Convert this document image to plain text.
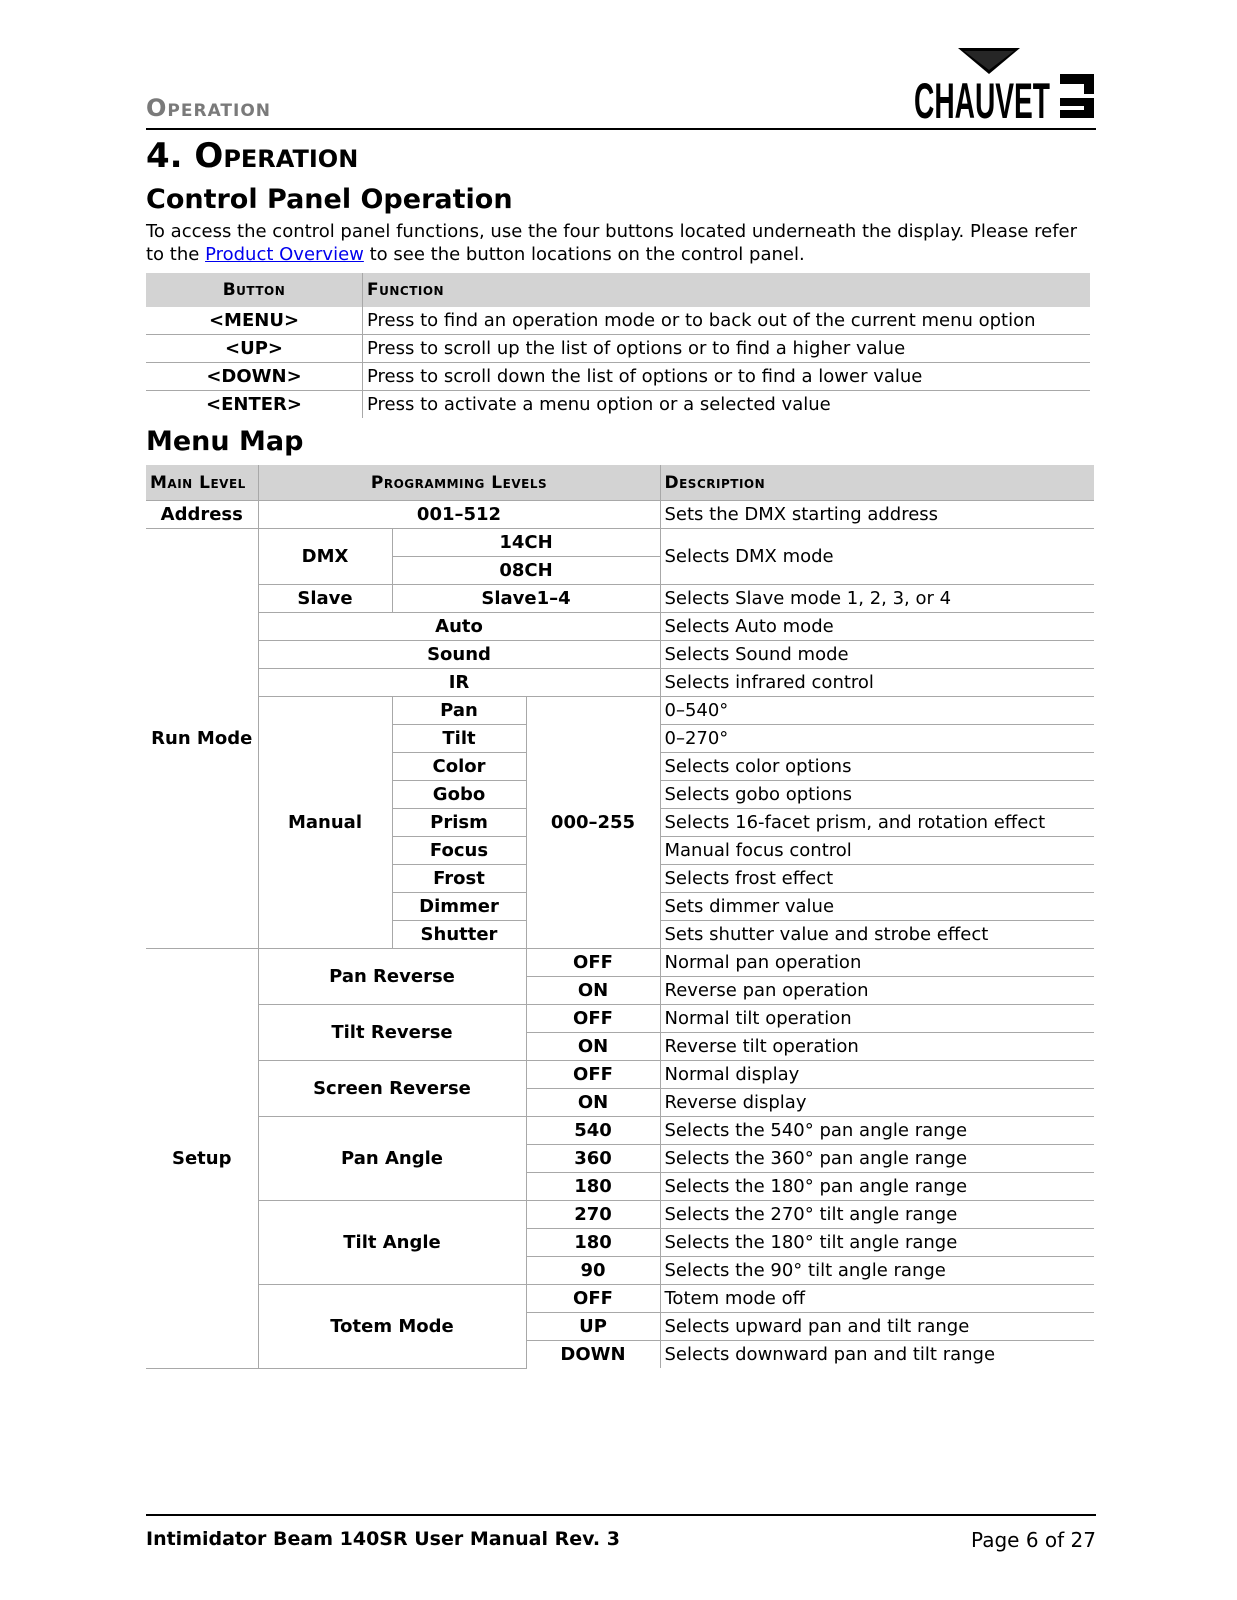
Operation	CHAUVET
4. Operation
Control Panel Operation
To access the control panel functions, use the four buttons located underneath the display. Please refer to the Product Overview to see the button locations on the control panel.
Button	Function
<MENU>	Press to find an operation mode or to back out of the current menu option
<UP>	Press to scroll up the list of options or to find a higher value
<DOWN>	Press to scroll down the list of options or to find a lower value
<ENTER>	Press to activate a menu option or a selected value
Menu Map
Main Level	Programming Levels			Description
Address	001–512			Sets the DMX starting address
Run Mode	DMX	14CH		Selects DMX mode
		08CH		
	Slave	Slave1–4		Selects Slave mode 1, 2, 3, or 4
	Auto			Selects Auto mode
	Sound			Selects Sound mode
	IR			Selects infrared control
	Manual	Pan	000–255	0–540°
		Tilt		0–270°
		Color		Selects color options
		Gobo		Selects gobo options
		Prism		Selects 16-facet prism, and rotation effect
		Focus		Manual focus control
		Frost		Selects frost effect
		Dimmer		Sets dimmer value
		Shutter		Sets shutter value and strobe effect
Setup	Pan Reverse		OFF	Normal pan operation
			ON	Reverse pan operation
	Tilt Reverse		OFF	Normal tilt operation
			ON	Reverse tilt operation
	Screen Reverse		OFF	Normal display
			ON	Reverse display
	Pan Angle		540	Selects the 540° pan angle range
			360	Selects the 360° pan angle range
			180	Selects the 180° pan angle range
	Tilt Angle		270	Selects the 270° tilt angle range
			180	Selects the 180° tilt angle range
			90	Selects the 90° tilt angle range
	Totem Mode		OFF	Totem mode off
			UP	Selects upward pan and tilt range
			DOWN	Selects downward pan and tilt range
Intimidator Beam 140SR User Manual Rev. 3	Page 6 of 27
